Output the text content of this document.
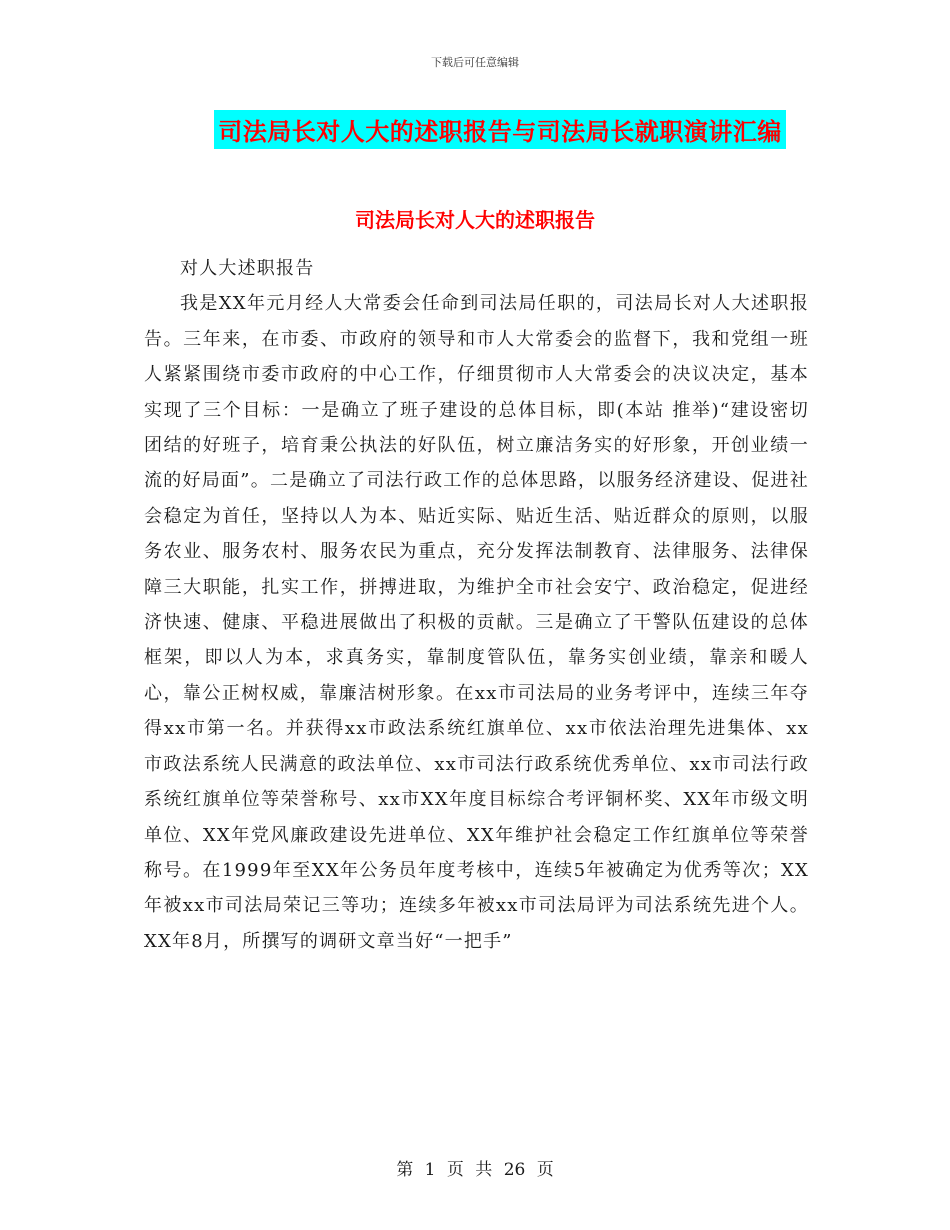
下载后可任意编辑
司法局长对人大的述职报告与司法局长就职演讲汇编
司法局长对人大的述职报告

对人大述职报告

我是XX年元月经人大常委会任命到司法局任职的，司法局长对人大述职报告。三年来，在市委、市政府的领导和市人大常委会的监督下，我和党组一班人紧紧围绕市委市政府的中心工作，仔细贯彻市人大常委会的决议决定，基本实现了三个目标：一是确立了班子建设的总体目标，即(本站 推举)“建设密切团结的好班子，培育秉公执法的好队伍，树立廉洁务实的好形象，开创业绩一流的好局面”。二是确立了司法行政工作的总体思路，以服务经济建设、促进社会稳定为首任，坚持以人为本、贴近实际、贴近生活、贴近群众的原则，以服务农业、服务农村、服务农民为重点，充分发挥法制教育、法律服务、法律保障三大职能，扎实工作，拼搏进取，为维护全市社会安宁、政治稳定，促进经济快速、健康、平稳进展做出了积极的贡献。三是确立了干警队伍建设的总体框架，即以人为本，求真务实，靠制度管队伍，靠务实创业绩，靠亲和暖人心，靠公正树权威，靠廉洁树形象。在xx市司法局的业务考评中，连续三年夺得xx市第一名。并获得xx市政法系统红旗单位、xx市依法治理先进集体、xx市政法系统人民满意的政法单位、xx市司法行政系统优秀单位、xx市司法行政系统红旗单位等荣誉称号、xx市XX年度目标综合考评铜杯奖、XX年市级文明单位、XX年党风廉政建设先进单位、XX年维护社会稳定工作红旗单位等荣誉称号。在1999年至XX年公务员年度考核中，连续5年被确定为优秀等次；XX年被xx市司法局荣记三等功；连续多年被xx市司法局评为司法系统先进个人。XX年8月，所撰写的调研文章当好“一把手”

第 1 页 共 26 页
